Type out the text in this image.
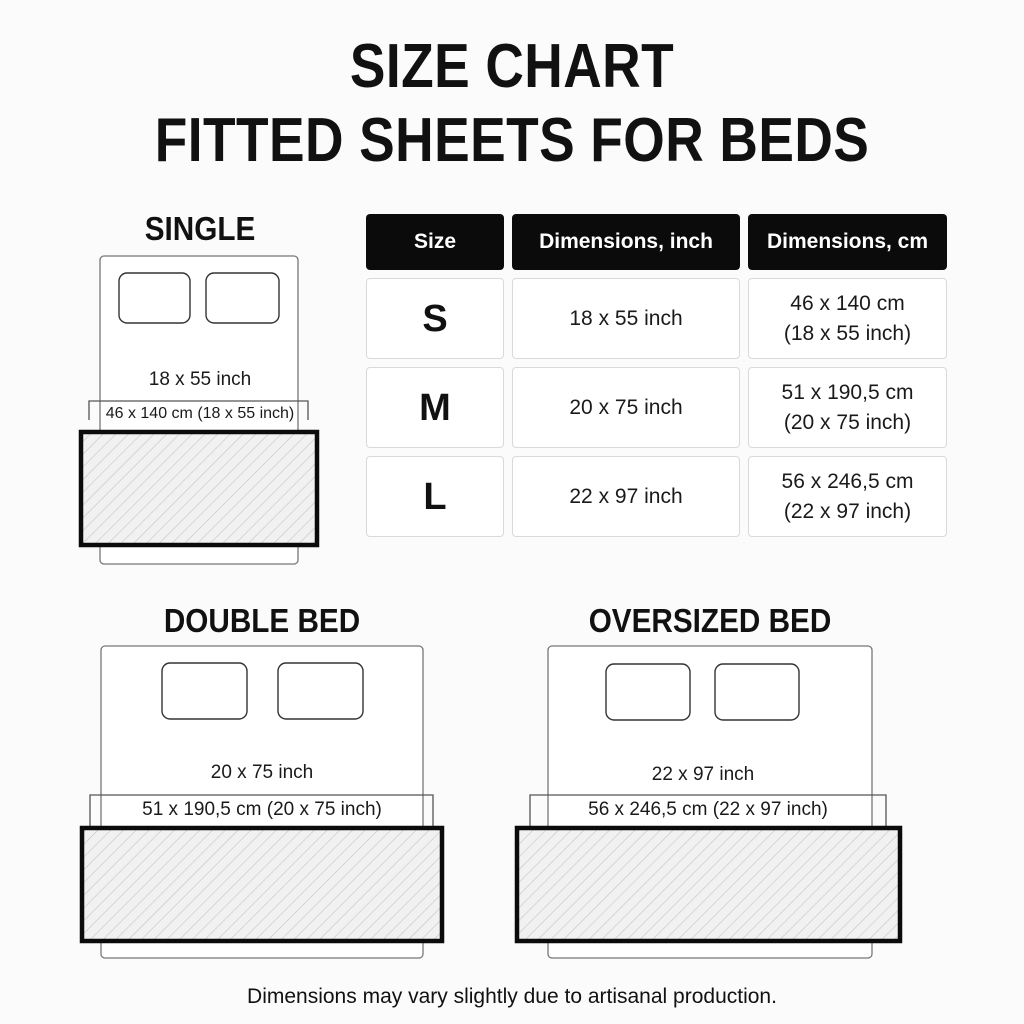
SIZE CHART
FITTED SHEETS FOR BEDS
SINGLE
18 x 55 inch
46 x 140 cm (18 x 55 inch)
Size	Dimensions, inch	Dimensions, cm
S	18 x 55 inch	46 x 140 cm
(18 x 55 inch)

M	20 x 75 inch	51 x 190,5 cm
(20 x 75 inch)

L	22 x 97 inch	56 x 246,5 cm
(22 x 97 inch)
DOUBLE BED
20 x 75 inch
51 x 190,5 cm (20 x 75 inch)
OVERSIZED BED
22 x 97 inch
56 x 246,5 cm (22 x 97 inch)
Dimensions may vary slightly due to artisanal production.
